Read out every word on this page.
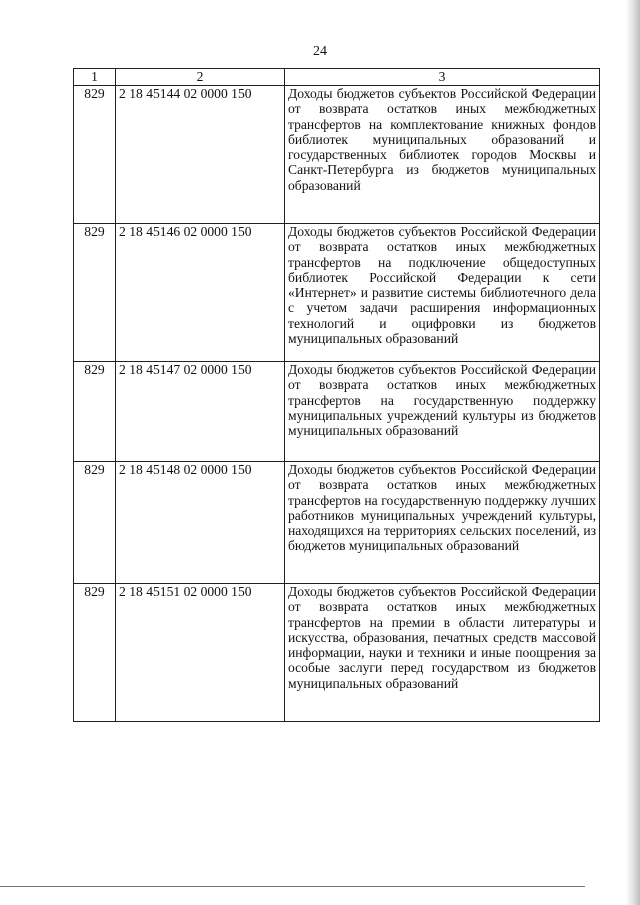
24
1	2	3
829	2 18 45144 02 0000 150	Доходы бюджетов субъектов Российской Федерации от возврата остатков иных межбюджетных трансфертов на комплектование книжных фондов библиотек муниципальных образований и государственных библиотек городов Москвы и Санкт-Петербурга из бюджетов муниципальных образований
829	2 18 45146 02 0000 150	Доходы бюджетов субъектов Российской Федерации от возврата остатков иных межбюджетных трансфертов на подключение общедоступных библиотек Российской Федерации к сети «Интернет» и развитие системы библиотечного дела с учетом задачи расширения информационных технологий и оцифровки из бюджетов муниципальных образований
829	2 18 45147 02 0000 150	Доходы бюджетов субъектов Российской Федерации от возврата остатков иных межбюджетных трансфертов на государственную поддержку муниципальных учреждений культуры из бюджетов муниципальных образований
829	2 18 45148 02 0000 150	Доходы бюджетов субъектов Российской Федерации от возврата остатков иных межбюджетных трансфертов на государственную поддержку лучших работников муниципальных учреждений культуры, находящихся на территориях сельских поселений, из бюджетов муниципальных образований
829	2 18 45151 02 0000 150	Доходы бюджетов субъектов Российской Федерации от возврата остатков иных межбюджетных трансфертов на премии в области литературы и искусства, образования, печатных средств массовой информации, науки и техники и иные поощрения за особые заслуги перед государством из бюджетов муниципальных образований
